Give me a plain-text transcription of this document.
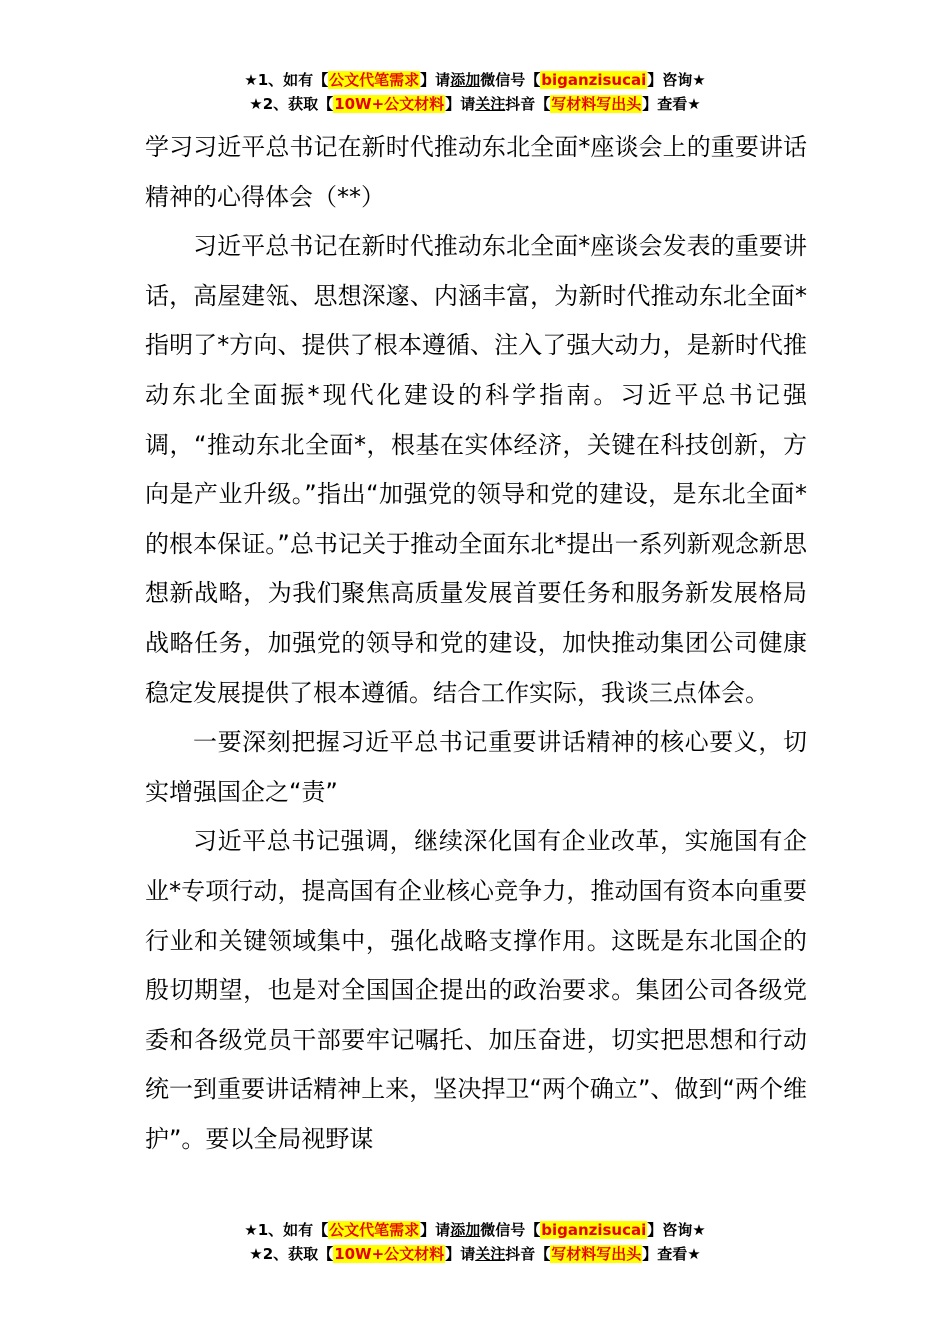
★1、如有【公文代笔需求】请添加微信号【biganzisucai】咨询★
★2、获取【10W+公文材料】请关注抖音【写材料写出头】查看★

学习习近平总书记在新时代推动东北全面*座谈会上的重要讲话精神的心得体会（**）

习近平总书记在新时代推动东北全面*座谈会发表的重要讲话，高屋建瓴、思想深邃、内涵丰富，为新时代推动东北全面*指明了*方向、提供了根本遵循、注入了强大动力，是新时代推动东北全面振*现代化建设的科学指南。习近平总书记强调，“推动东北全面*，根基在实体经济，关键在科技创新，方向是产业升级。”指出“加强党的领导和党的建设，是东北全面*的根本保证。”总书记关于推动全面东北*提出一系列新观念新思想新战略，为我们聚焦高质量发展首要任务和服务新发展格局战略任务，加强党的领导和党的建设，加快推动集团公司健康稳定发展提供了根本遵循。结合工作实际，我谈三点体会。

一要深刻把握习近平总书记重要讲话精神的核心要义，切实增强国企之“责”

习近平总书记强调，继续深化国有企业改革，实施国有企业*专项行动，提高国有企业核心竞争力，推动国有资本向重要行业和关键领域集中，强化战略支撑作用。这既是东北国企的殷切期望，也是对全国国企提出的政治要求。集团公司各级党委和各级党员干部要牢记嘱托、加压奋进，切实把思想和行动统一到重要讲话精神上来，坚决捍卫“两个确立”、做到“两个维护”。要以全局视野谋

★1、如有【公文代笔需求】请添加微信号【biganzisucai】咨询★
★2、获取【10W+公文材料】请关注抖音【写材料写出头】查看★
